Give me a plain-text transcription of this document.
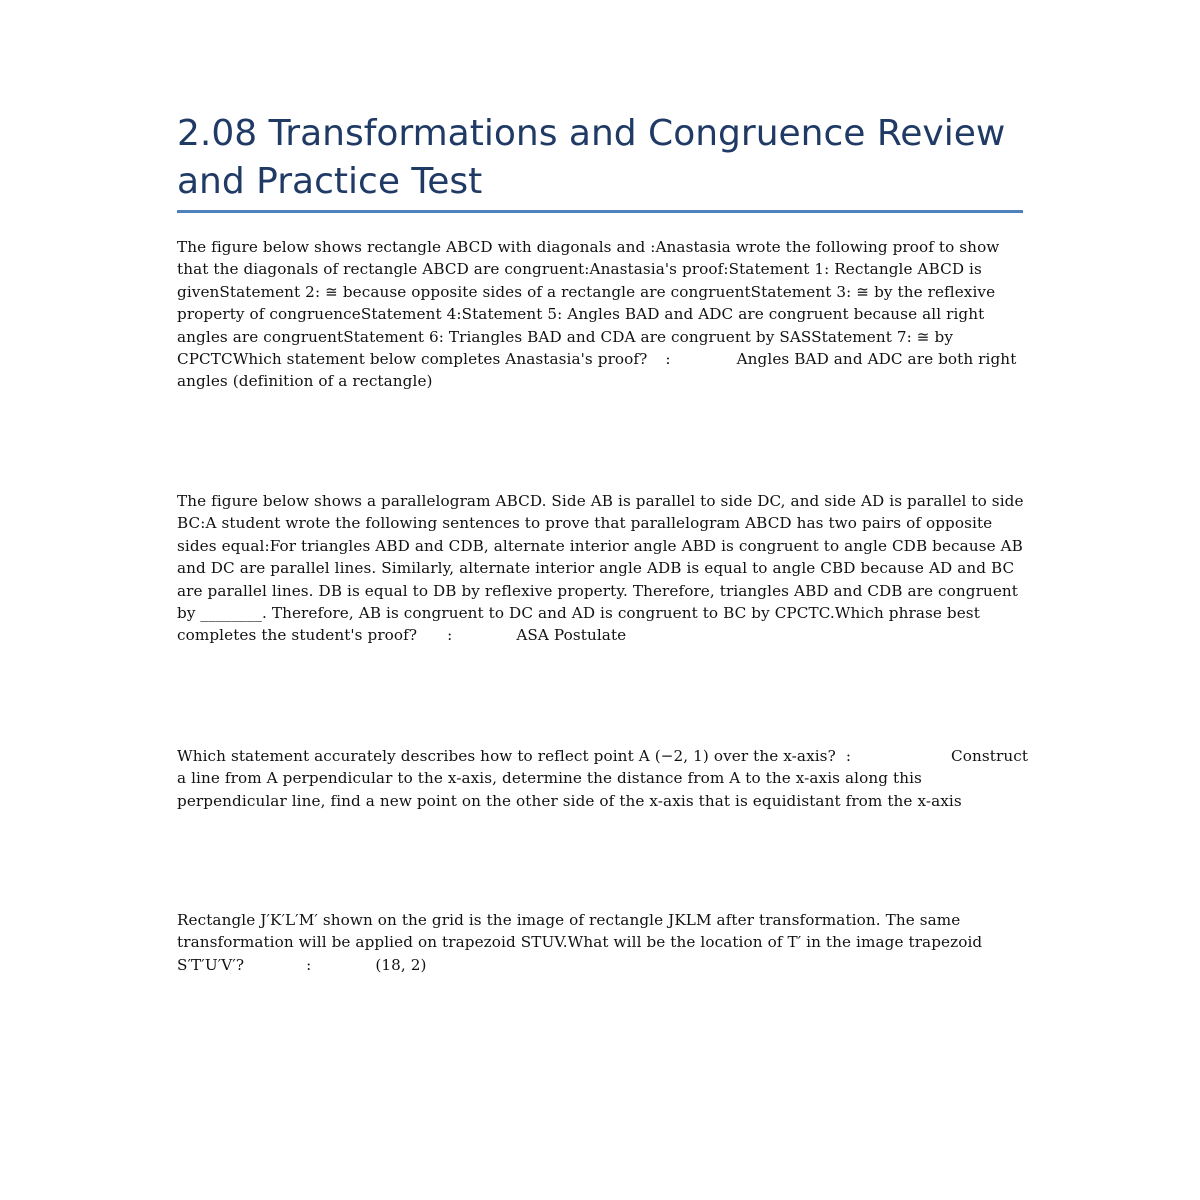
2.08 Transformations and Congruence Review and Practice Test

The figure below shows rectangle ABCD with diagonals and :Anastasia wrote the following proof to show that the diagonals of rectangle ABCD are congruent:Anastasia's proof:Statement 1: Rectangle ABCD is givenStatement 2: ≅ because opposite sides of a rectangle are congruentStatement 3: ≅ by the reflexive property of congruenceStatement 4:Statement 5: Angles BAD and ADC are congruent because all right angles are congruentStatement 6: Triangles BAD and CDA are congruent by SASStatement 7: ≅ by CPCTCWhich statement below completes Anastasia's proof? :	Angles BAD and ADC are both right angles (definition of a rectangle)

The figure below shows a parallelogram ABCD. Side AB is parallel to side DC, and side AD is parallel to side BC:A student wrote the following sentences to prove that parallelogram ABCD has two pairs of opposite sides equal:For triangles ABD and CDB, alternate interior angle ABD is congruent to angle CDB because AB and DC are parallel lines. Similarly, alternate interior angle ADB is equal to angle CBD because AD and BC are parallel lines. DB is equal to DB by reflexive property. Therefore, triangles ABD and CDB are congruent by ________. Therefore, AB is congruent to DC and AD is congruent to BC by CPCTC.Which phrase best completes the student's proof? :	ASA Postulate

Which statement accurately describes how to reflect point A (−2, 1) over the x-axis? :	Construct a line from A perpendicular to the x-axis, determine the distance from A to the x-axis along this perpendicular line, find a new point on the other side of the x-axis that is equidistant from the x-axis

Rectangle J′K′L′M′ shown on the grid is the image of rectangle JKLM after transformation. The same transformation will be applied on trapezoid STUV.What will be the location of T′ in the image trapezoid S′T′U′V′?	:	(18, 2)
